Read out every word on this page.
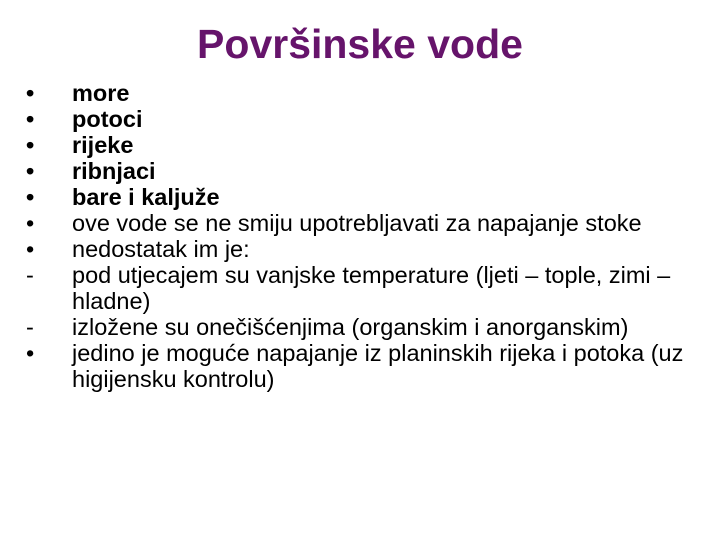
Površinske vode
•	more
•	potoci
•	rijeke
•	ribnjaci
•	bare i kaljuže
•	ove vode se ne smiju upotrebljavati za napajanje stoke
•	nedostatak im je:
-	pod utjecajem su vanjske temperature (ljeti – tople, zimi – hladne)
-	izložene su onečišćenjima (organskim i anorganskim)
•	jedino je moguće napajanje iz planinskih rijeka i potoka (uz higijensku kontrolu)
